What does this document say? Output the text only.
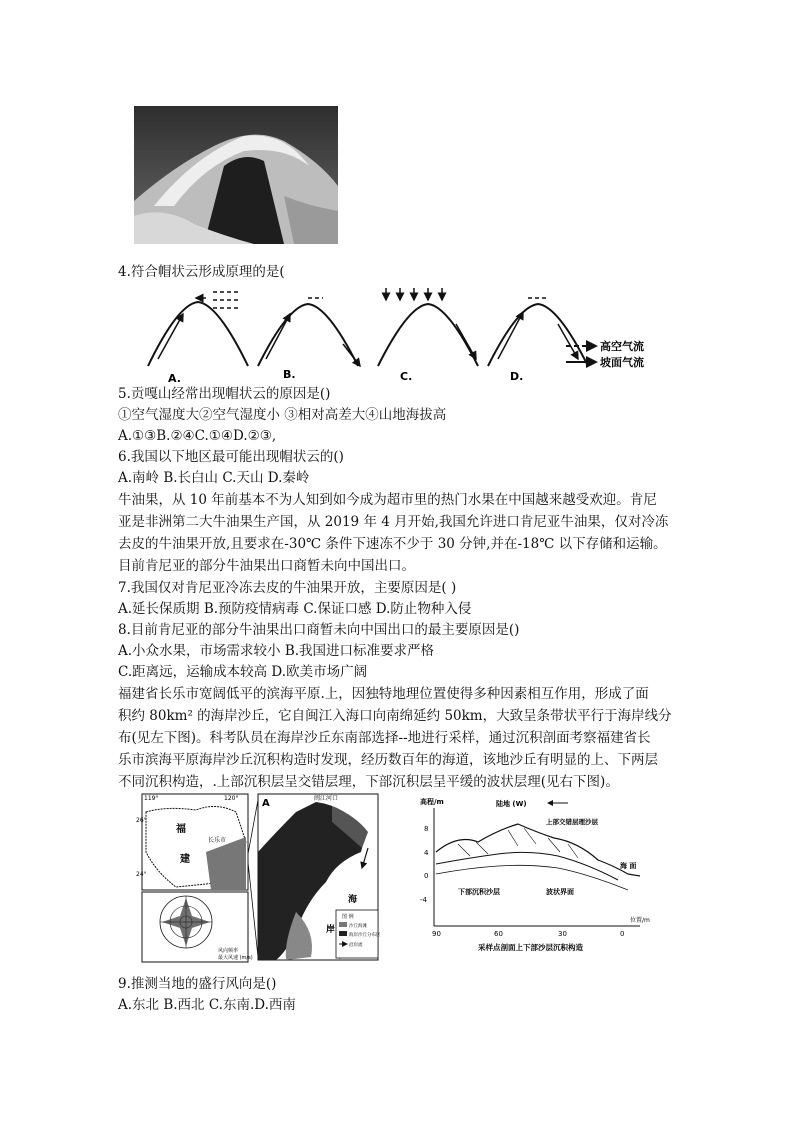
4.符合帽状云形成原理的是(
A.	B.	C.	D.
高空气流
坡面气流
5.贡嘎山经常出现帽状云的原因是()
①空气湿度大②空气湿度小 ③相对高差大④山地海拔高
A.①③B.②④C.①④D.②③,
6.我国以下地区最可能出现帽状云的()
A.南岭 B.长白山 C.天山 D.秦岭
牛油果，从 10 年前基本不为人知到如今成为超市里的热门水果在中国越来越受欢迎。肯尼
亚是非洲第二大牛油果生产国，从 2019 年 4 月开始,我国允许进口肯尼亚牛油果，仅对冷冻
去皮的牛油果开放,且要求在-30℃ 条件下速冻不少于 30 分钟,并在-18℃ 以下存储和运输。
目前肯尼亚的部分牛油果出口商暂未向中国出口。
7.我国仅对肯尼亚冷冻去皮的牛油果开放，主要原因是( )
A.延长保质期 B.预防疫情病毒 C.保证口感 D.防止物种入侵
8.目前肯尼亚的部分牛油果出口商暂未向中国出口的最主要原因是()
A.小众水果，市场需求较小 B.我国进口标准要求严格
C.距离远，运输成本较高 D.欧美市场广阔
福建省长乐市宽阔低平的滨海平原.上，因独特地理位置使得多种因素相互作用，形成了面
积约 80km² 的海岸沙丘，它自闽江入海口向南绵延约 50km，大致呈条带状平行于海岸线分
布(见左下图)。科考队员在海岸沙丘东南部选择--地进行采样，通过沉积剖面考察福建省长
乐市滨海平原海岸沙丘沉积构造时发现，经历数百年的海道，该地沙丘有明显的上、下两层
不同沉积构造，.上部沉积层呈交错层理，下部沉积层呈平缓的波状层理(见右下图)。
119°	120°
26°
24°
福
建
长乐市
风向频率
最大风速 (m/s)
A	闽江河口
海
岸
图 例
沙丘海滩
海岸沙丘分布区
沿岸流
高程/m
8
4
0
-4
90	60	30	0
位置/m
陆地 (W)
上部交错层理沙层
海 面
下部沉积沙层	波状界面
采样点剖面上下部沙层沉积构造
9.推测当地的盛行风向是()
A.东北 B.西北 C.东南.D.西南
